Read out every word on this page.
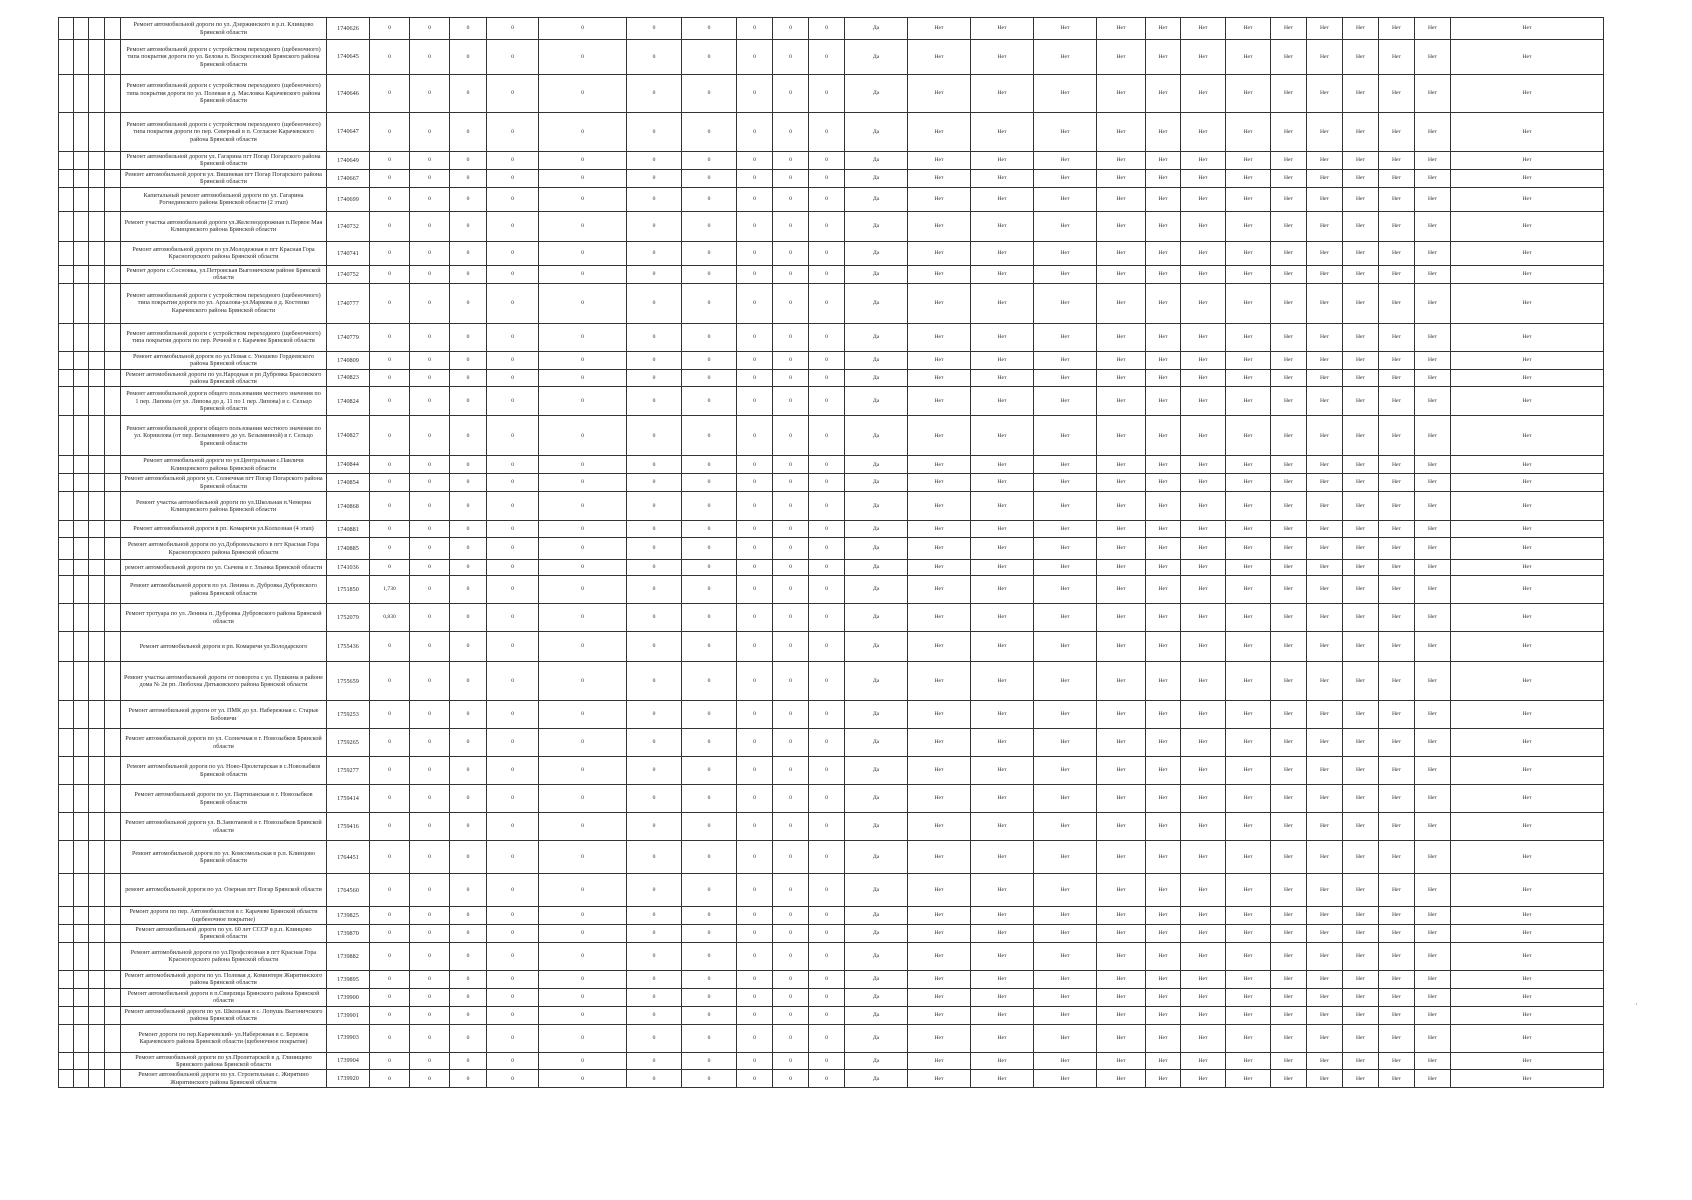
				Ремонт автомобильной дороги по ул. Дзержинского в р.п. Клинцово Брянской области	1740626	0	0	0	0	0	0	0	0	0	0	Да	Нет	Нет	Нет	Нет	Нет	Нет	Нет	Нет	Нет	Нет	Нет	Нет	Нет
				Ремонт автомобильной дороги с устройством переходного (щебеночного) типа покрытия дороги по ул. Белова п. Воскресенский Брянского района Брянской области	1740645	0	0	0	0	0	0	0	0	0	0	Да	Нет	Нет	Нет	Нет	Нет	Нет	Нет	Нет	Нет	Нет	Нет	Нет	Нет
				Ремонт автомобильной дороги с устройством переходного (щебеночного) типа покрытия дороги по ул. Полевая в д. Масловка Карачевского района Брянской области	1740646	0	0	0	0	0	0	0	0	0	0	Да	Нет	Нет	Нет	Нет	Нет	Нет	Нет	Нет	Нет	Нет	Нет	Нет	Нет
				Ремонт автомобильной дороги с устройством переходного (щебеночного) типа покрытия дороги по пер. Северный в п. Согласие Карачевского района Брянской области	1740647	0	0	0	0	0	0	0	0	0	0	Да	Нет	Нет	Нет	Нет	Нет	Нет	Нет	Нет	Нет	Нет	Нет	Нет	Нет
				Ремонт автомобильной дороги ул. Гагарина пгт Погар Погарского района Брянской области	1740649	0	0	0	0	0	0	0	0	0	0	Да	Нет	Нет	Нет	Нет	Нет	Нет	Нет	Нет	Нет	Нет	Нет	Нет	Нет
				Ремонт автомобильной дороги ул. Вишневая пгт Погар Погарского района Брянской области	1740667	0	0	0	0	0	0	0	0	0	0	Да	Нет	Нет	Нет	Нет	Нет	Нет	Нет	Нет	Нет	Нет	Нет	Нет	Нет
				Капитальный ремонт автомобильной дороги по ул. Гагарина Рогнединского района Брянской области (2 этап)	1740699	0	0	0	0	0	0	0	0	0	0	Да	Нет	Нет	Нет	Нет	Нет	Нет	Нет	Нет	Нет	Нет	Нет	Нет	Нет
				Ремонт участка автомобильной дороги ул.Железнодорожная п.Первое Мая Клинцовского района Брянской области	1740732	0	0	0	0	0	0	0	0	0	0	Да	Нет	Нет	Нет	Нет	Нет	Нет	Нет	Нет	Нет	Нет	Нет	Нет	Нет
				Ремонт автомобильной дороги по ул.Молодежная в пгт Красная Гора Красногорского района Брянской области	1740741	0	0	0	0	0	0	0	0	0	0	Да	Нет	Нет	Нет	Нет	Нет	Нет	Нет	Нет	Нет	Нет	Нет	Нет	Нет
				Ремонт дороги с.Сосновка, ул.Петровская Выгоничском районе Брянской области	1740752	0	0	0	0	0	0	0	0	0	0	Да	Нет	Нет	Нет	Нет	Нет	Нет	Нет	Нет	Нет	Нет	Нет	Нет	Нет
				Ремонт автомобильной дороги с устройством переходного (щебеночного) типа покрытия дороги по ул. Архалова-ул.Маркова в д. Костенко Карачевского района Брянской области	1740777	0	0	0	0	0	0	0	0	0	0	Да	Нет	Нет	Нет	Нет	Нет	Нет	Нет	Нет	Нет	Нет	Нет	Нет	Нет
				Ремонт автомобильной дороги с устройством переходного (щебеночного) типа покрытия дороги по пер. Речной в г. Карачеве Брянской области	1740779	0	0	0	0	0	0	0	0	0	0	Да	Нет	Нет	Нет	Нет	Нет	Нет	Нет	Нет	Нет	Нет	Нет	Нет	Нет
				Ремонт автомобильной дороги по ул.Новая с. Уношево Гордеевского района Брянской области	1740809	0	0	0	0	0	0	0	0	0	0	Да	Нет	Нет	Нет	Нет	Нет	Нет	Нет	Нет	Нет	Нет	Нет	Нет	Нет
				Ремонт автомобильной дороги по ул.Народная в рп Дубровка Брасовского района Брянской области	1740823	0	0	0	0	0	0	0	0	0	0	Да	Нет	Нет	Нет	Нет	Нет	Нет	Нет	Нет	Нет	Нет	Нет	Нет	Нет
				Ремонт автомобильной дороги общего пользования местного значения по 1 пер. Липова (от ул. Липова до д. 11 по 1 пер. Липова) в с. Сельцо Брянской области	1740824	0	0	0	0	0	0	0	0	0	0	Да	Нет	Нет	Нет	Нет	Нет	Нет	Нет	Нет	Нет	Нет	Нет	Нет	Нет
				Ремонт автомобильной дороги общего пользования местного значения по ул. Корнилова (от пер. Безымянного до ул. Безымянной) в г. Сельцо Брянской области	1740827	0	0	0	0	0	0	0	0	0	0	Да	Нет	Нет	Нет	Нет	Нет	Нет	Нет	Нет	Нет	Нет	Нет	Нет	Нет
				Ремонт автомобильной дороги по ул.Центральная с.Павличи Клинцовского района Брянской области	1740844	0	0	0	0	0	0	0	0	0	0	Да	Нет	Нет	Нет	Нет	Нет	Нет	Нет	Нет	Нет	Нет	Нет	Нет	Нет
				Ремонт автомобильной дороги ул. Солнечная пгт Погар Погарского района Брянской области	1740854	0	0	0	0	0	0	0	0	0	0	Да	Нет	Нет	Нет	Нет	Нет	Нет	Нет	Нет	Нет	Нет	Нет	Нет	Нет
				Ремонт участка автомобильной дороги по ул.Школьная п.Чемерна Клинцовского района Брянской области	1740868	0	0	0	0	0	0	0	0	0	0	Да	Нет	Нет	Нет	Нет	Нет	Нет	Нет	Нет	Нет	Нет	Нет	Нет	Нет
				Ремонт автомобильной дороги в рп. Комаричи ул.Колхозная (4 этап)	1740881	0	0	0	0	0	0	0	0	0	0	Да	Нет	Нет	Нет	Нет	Нет	Нет	Нет	Нет	Нет	Нет	Нет	Нет	Нет
				Ремонт автомобильной дороги по ул.Добровольского в пгт Красная Гора Красногорского района Брянской области	1740885	0	0	0	0	0	0	0	0	0	0	Да	Нет	Нет	Нет	Нет	Нет	Нет	Нет	Нет	Нет	Нет	Нет	Нет	Нет
				ремонт автомобильной дороги по ул. Сычева в г. Злынка Брянской области	1741036	0	0	0	0	0	0	0	0	0	0	Да	Нет	Нет	Нет	Нет	Нет	Нет	Нет	Нет	Нет	Нет	Нет	Нет	Нет
				Ремонт автомобильной дороги по ул. Ленина п. Дубровка Дубровского района Брянской области	1751850	1,730	0	0	0	0	0	0	0	0	0	Да	Нет	Нет	Нет	Нет	Нет	Нет	Нет	Нет	Нет	Нет	Нет	Нет	Нет
				Ремонт тротуара по ул. Ленина п. Дубровка Дубровского района Брянской области	1752079	0,830	0	0	0	0	0	0	0	0	0	Да	Нет	Нет	Нет	Нет	Нет	Нет	Нет	Нет	Нет	Нет	Нет	Нет	Нет
				Ремонт автомобильной дороги в рп. Комаричи ул.Володарского	1755436	0	0	0	0	0	0	0	0	0	0	Да	Нет	Нет	Нет	Нет	Нет	Нет	Нет	Нет	Нет	Нет	Нет	Нет	Нет
				Ремонт участка автомобильной дороги от поворота с ул. Пушкина в районе дома № 2в рп. Любохна Дятьковского района Брянской области	1755659	0	0	0	0	0	0	0	0	0	0	Да	Нет	Нет	Нет	Нет	Нет	Нет	Нет	Нет	Нет	Нет	Нет	Нет	Нет
				Ремонт автомобильной дороги от ул. ПМК до ул. Набережная с. Старые Бобовичи	1759253	0	0	0	0	0	0	0	0	0	0	Да	Нет	Нет	Нет	Нет	Нет	Нет	Нет	Нет	Нет	Нет	Нет	Нет	Нет
				Ремонт автомобильной дороги по ул. Солнечная в г. Новозыбков Брянской области	1759265	0	0	0	0	0	0	0	0	0	0	Да	Нет	Нет	Нет	Нет	Нет	Нет	Нет	Нет	Нет	Нет	Нет	Нет	Нет
				Ремонт автомобильной дороги по ул. Ново-Пролетарская в с.Новозыбков Брянской области	1759277	0	0	0	0	0	0	0	0	0	0	Да	Нет	Нет	Нет	Нет	Нет	Нет	Нет	Нет	Нет	Нет	Нет	Нет	Нет
				Ремонт автомобильной дороги по ул. Партизанская в г. Новозыбков Брянской области	1759414	0	0	0	0	0	0	0	0	0	0	Да	Нет	Нет	Нет	Нет	Нет	Нет	Нет	Нет	Нет	Нет	Нет	Нет	Нет
				Ремонт автомобильной дороги ул. В.Замотаевой в г. Новозыбков Брянской области	1759416	0	0	0	0	0	0	0	0	0	0	Да	Нет	Нет	Нет	Нет	Нет	Нет	Нет	Нет	Нет	Нет	Нет	Нет	Нет
				Ремонт автомобильной дороги по ул. Комсомольская в р.п. Клинцово Брянской области	1764451	0	0	0	0	0	0	0	0	0	0	Да	Нет	Нет	Нет	Нет	Нет	Нет	Нет	Нет	Нет	Нет	Нет	Нет	Нет
				ремонт автомобильной дороги по ул. Озерная пгт Погар Брянской области	1764560	0	0	0	0	0	0	0	0	0	0	Да	Нет	Нет	Нет	Нет	Нет	Нет	Нет	Нет	Нет	Нет	Нет	Нет	Нет
				Ремонт дороги по пер. Автомобилистов в г. Карачеве Брянской области (щебеночное покрытие)	1739825	0	0	0	0	0	0	0	0	0	0	Да	Нет	Нет	Нет	Нет	Нет	Нет	Нет	Нет	Нет	Нет	Нет	Нет	Нет
				Ремонт автомобильной дороги по ул. 60 лет СССР в р.п. Клинцово Брянской области	1739870	0	0	0	0	0	0	0	0	0	0	Да	Нет	Нет	Нет	Нет	Нет	Нет	Нет	Нет	Нет	Нет	Нет	Нет	Нет
				Ремонт автомобильной дороги по ул.Профсоюзная в пгт Красная Гора Красногорского района Брянской области	1739882	0	0	0	0	0	0	0	0	0	0	Да	Нет	Нет	Нет	Нет	Нет	Нет	Нет	Нет	Нет	Нет	Нет	Нет	Нет
				Ремонт автомобильной дороги по ул. Полевая д. Коминтерн Жирятинского района Брянской области	1739895	0	0	0	0	0	0	0	0	0	0	Да	Нет	Нет	Нет	Нет	Нет	Нет	Нет	Нет	Нет	Нет	Нет	Нет	Нет
				Ремонт автомобильной дороги в п.Свирлица Брянского района Брянской области	1739900	0	0	0	0	0	0	0	0	0	0	Да	Нет	Нет	Нет	Нет	Нет	Нет	Нет	Нет	Нет	Нет	Нет	Нет	Нет
				Ремонт автомобильной дороги по ул. Школьная в с. Лопушь Выгоничского района Брянской области	1739901	0	0	0	0	0	0	0	0	0	0	Да	Нет	Нет	Нет	Нет	Нет	Нет	Нет	Нет	Нет	Нет	Нет	Нет	Нет
				Ремонт дороги по пер.Карачевский- ул.Набережная в с. Бережок Карачевского района Брянской области (щебеночное покрытие)	1739903	0	0	0	0	0	0	0	0	0	0	Да	Нет	Нет	Нет	Нет	Нет	Нет	Нет	Нет	Нет	Нет	Нет	Нет	Нет
				Ремонт автомобильной дороги по ул.Пролетарской в д. Глинищево Брянского района Брянской области	1739904	0	0	0	0	0	0	0	0	0	0	Да	Нет	Нет	Нет	Нет	Нет	Нет	Нет	Нет	Нет	Нет	Нет	Нет	Нет
				Ремонт автомобильной дороги по ул. Строительная с. Жирятино Жирятинского района Брянской области	1739920	0	0	0	0	0	0	0	0	0	0	Да	Нет	Нет	Нет	Нет	Нет	Нет	Нет	Нет	Нет	Нет	Нет	Нет	Нет
